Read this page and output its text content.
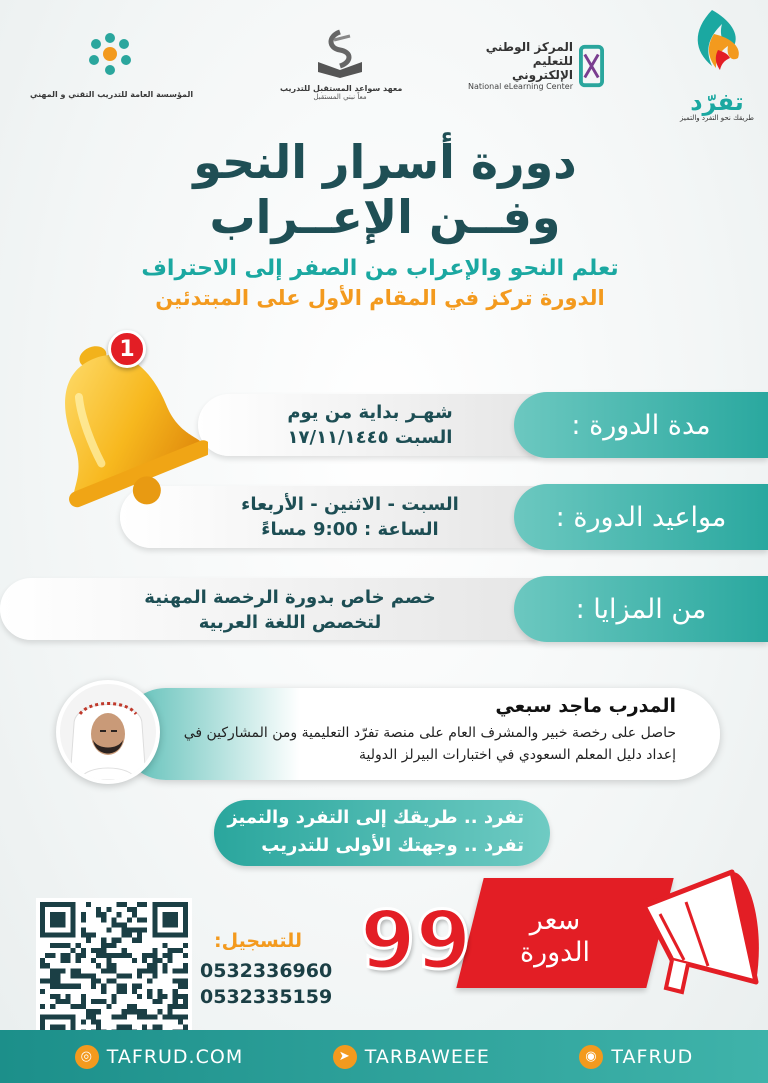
تفرّد
طريقك نحو التفرد والتميز
المركز الوطني
للتعليم الإلكتروني
National eLearning Center
معهد سواعد المستقبل للتدريب
معاً نبني المستقبل
المؤسسة العامة للتدريب التقني و المهني
دورة أسرار النحو
وفــن الإعــراب
تعلم النحو والإعراب من الصفر إلى الاحتراف
الدورة تركز في المقام الأول على المبتدئين
مدة الدورة :
شهـر بداية من يوم
السبت ١٧/١١/١٤٤٥
مواعيد الدورة :
السبت - الاثنين - الأربعاء
الساعة : 9:00 مساءً
من المزايا :
خصم خاص بدورة الرخصة المهنية
لتخصص اللغة العربية
1
المدرب ماجد سبعي
حاصل على رخصة خبير والمشرف العام على منصة تفرّد التعليمية ومن المشاركين في إعداد دليل المعلم السعودي في اختبارات البيرلز الدولية
تفرد .. طريقك إلى التفرد والتميز
تفرد .. وجهتك الأولى للتدريب
سعر
الدورة
99
:للتسجيل
0532336960
0532335159
◎ TAFRUD.COM	➤ TARBAWEEE	◉ TAFRUD
